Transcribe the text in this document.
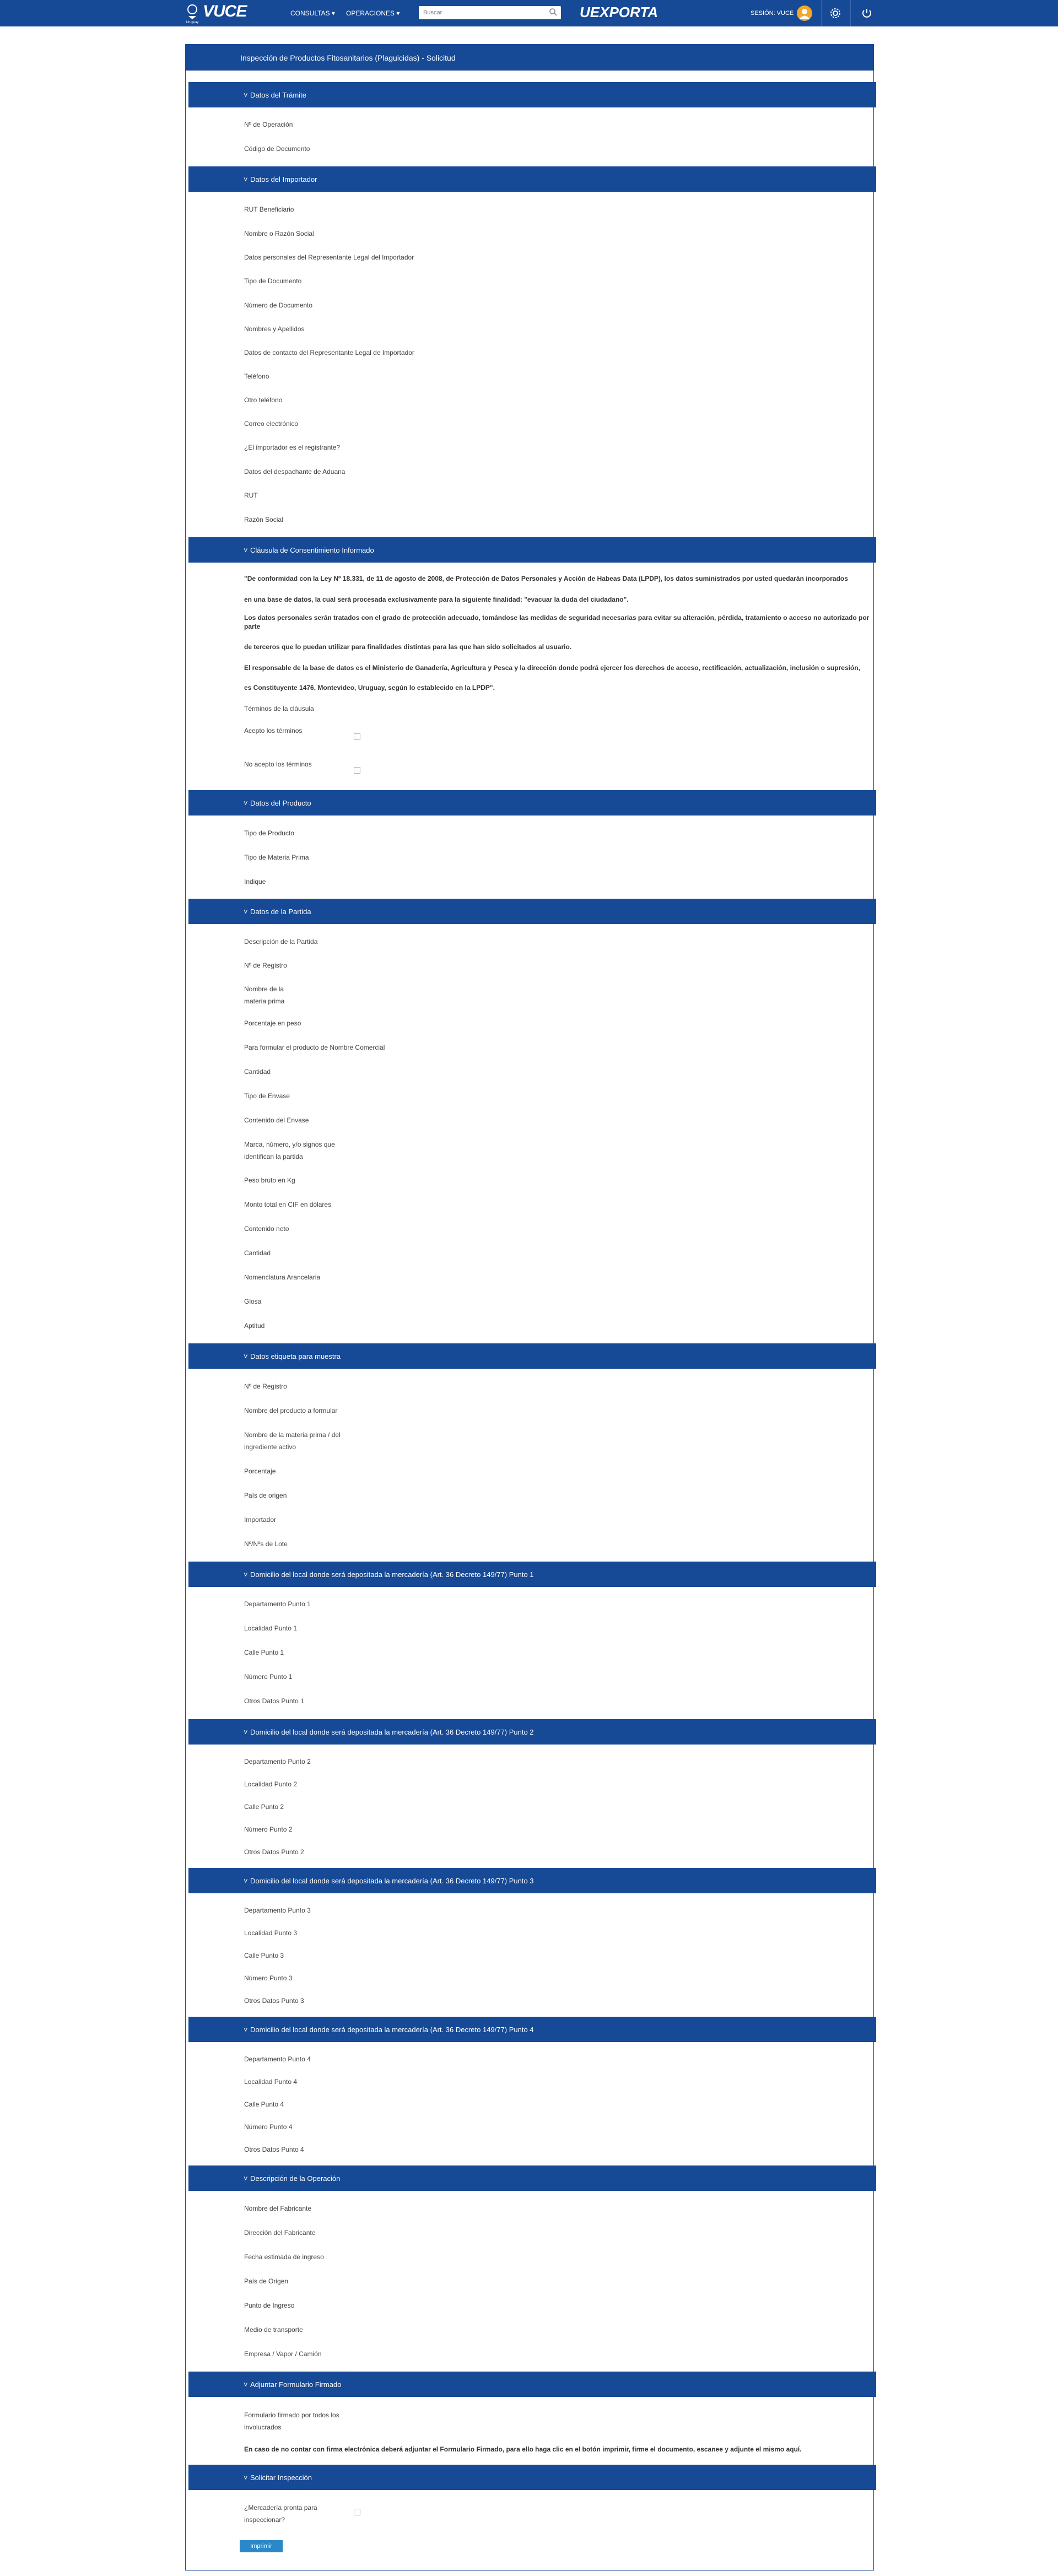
Uruguay
VUCE	CONSULTAS ▾ OPERACIONES ▾
Buscar	UEXPORTA	SESIÓN: VUCE
Inspección de Productos Fitosanitarios (Plaguicidas) - Solicitud
˅ Datos del Trámite
Nº de Operación
Código de Documento
˅ Datos del Importador
RUT Beneficiario
Nombre o Razón Social
Datos personales del Representante Legal del Importador
Tipo de Documento
Número de Documento
Nombres y Apellidos
Datos de contacto del Representante Legal de Importador
Teléfono
Otro teléfono
Correo electrónico
¿El importador es el registrante?
Datos del despachante de Aduana
RUT
Razón Social
˅ Cláusula de Consentimiento Informado
"De conformidad con la Ley Nº 18.331, de 11 de agosto de 2008, de Protección de Datos Personales y Acción de Habeas Data (LPDP), los datos suministrados por usted quedarán incorporados
en una base de datos, la cual será procesada exclusivamente para la siguiente finalidad: "evacuar la duda del ciudadano".
Los datos personales serán tratados con el grado de protección adecuado, tomándose las medidas de seguridad necesarias para evitar su alteración, pérdida, tratamiento o acceso no autorizado por parte
de terceros que lo puedan utilizar para finalidades distintas para las que han sido solicitados al usuario.
El responsable de la base de datos es el Ministerio de Ganadería, Agricultura y Pesca y la dirección donde podrá ejercer los derechos de acceso, rectificación, actualización, inclusión o supresión,
es Constituyente 1476, Montevideo, Uruguay, según lo establecido en la LPDP".
Términos de la cláusula
Acepto los términos
No acepto los términos
˅ Datos del Producto
Tipo de Producto
Tipo de Materia Prima
Indique
˅ Datos de la Partida
Descripción de la Partida
Nº de Registro
Nombre de la
materia prima
Porcentaje en peso
Para formular el producto de Nombre Comercial
Cantidad
Tipo de Envase
Contenido del Envase
Marca, número, y/o signos que
identifican la partida
Peso bruto en Kg
Monto total en CIF en dólares
Contenido neto
Cantidad
Nomenclatura Arancelaria
Glosa
Aptitud
˅ Datos etiqueta para muestra
Nº de Registro
Nombre del producto a formular
Nombre de la materia prima / del
ingrediente activo
Porcentaje
País de origen
Importador
Nº/Nºs de Lote
˅ Domicilio del local donde será depositada la mercadería (Art. 36 Decreto 149/77) Punto 1
Departamento Punto 1
Localidad Punto 1
Calle Punto 1
Número Punto 1
Otros Datos Punto 1
˅ Domicilio del local donde será depositada la mercadería (Art. 36 Decreto 149/77) Punto 2
Departamento Punto 2
Localidad Punto 2
Calle Punto 2
Número Punto 2
Otros Datos Punto 2
˅ Domicilio del local donde será depositada la mercadería (Art. 36 Decreto 149/77) Punto 3
Departamento Punto 3
Localidad Punto 3
Calle Punto 3
Número Punto 3
Otros Datos Punto 3
˅ Domicilio del local donde será depositada la mercadería (Art. 36 Decreto 149/77) Punto 4
Departamento Punto 4
Localidad Punto 4
Calle Punto 4
Número Punto 4
Otros Datos Punto 4
˅ Descripción de la Operación
Nombre del Fabricante
Dirección del Fabricante
Fecha estimada de ingreso
País de Origen
Punto de Ingreso
Medio de transporte
Empresa / Vapor / Camión
˅ Adjuntar Formulario Firmado
Formulario firmado por todos los
involucrados
En caso de no contar con firma electrónica deberá adjuntar el Formulario Firmado, para ello haga clic en el botón imprimir, firme el documento, escanee y adjunte el mismo aquí.
˅ Solicitar Inspección
¿Mercadería pronta para
inspeccionar?
Imprimir
